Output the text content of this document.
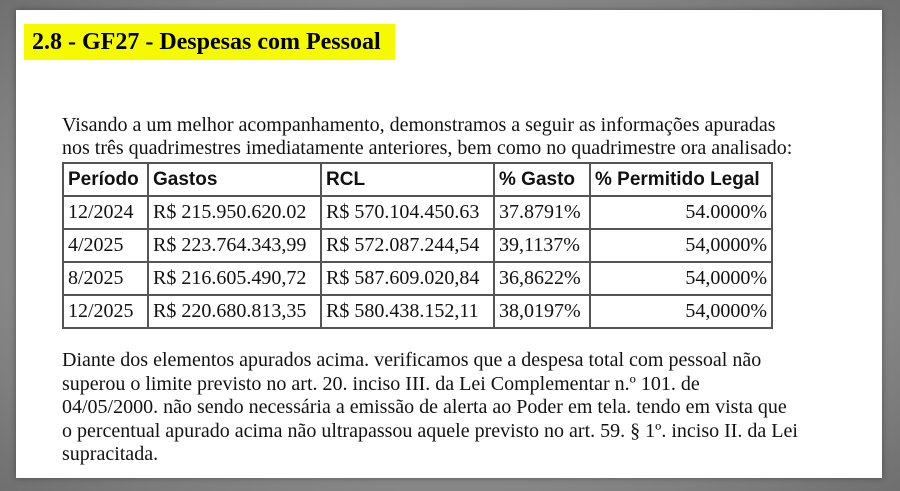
2.8 - GF27 - Despesas com Pessoal
Visando a um melhor acompanhamento, demonstramos a seguir as informações apuradas
nos três quadrimestres imediatamente anteriores, bem como no quadrimestre ora analisado:
Período	Gastos	RCL	% Gasto	% Permitido Legal
12/2024	R$ 215.950.620.02	R$ 570.104.450.63	37.8791%	54.0000%
4/2025	R$ 223.764.343,99	R$ 572.087.244,54	39,1137%	54,0000%
8/2025	R$ 216.605.490,72	R$ 587.609.020,84	36,8622%	54,0000%
12/2025	R$ 220.680.813,35	R$ 580.438.152,11	38,0197%	54,0000%
Diante dos elementos apurados acima. verificamos que a despesa total com pessoal não
superou o limite previsto no art. 20. inciso III. da Lei Complementar n.º 101. de
04/05/2000. não sendo necessária a emissão de alerta ao Poder em tela. tendo em vista que
o percentual apurado acima não ultrapassou aquele previsto no art. 59. § 1º. inciso II. da Lei
supracitada.
